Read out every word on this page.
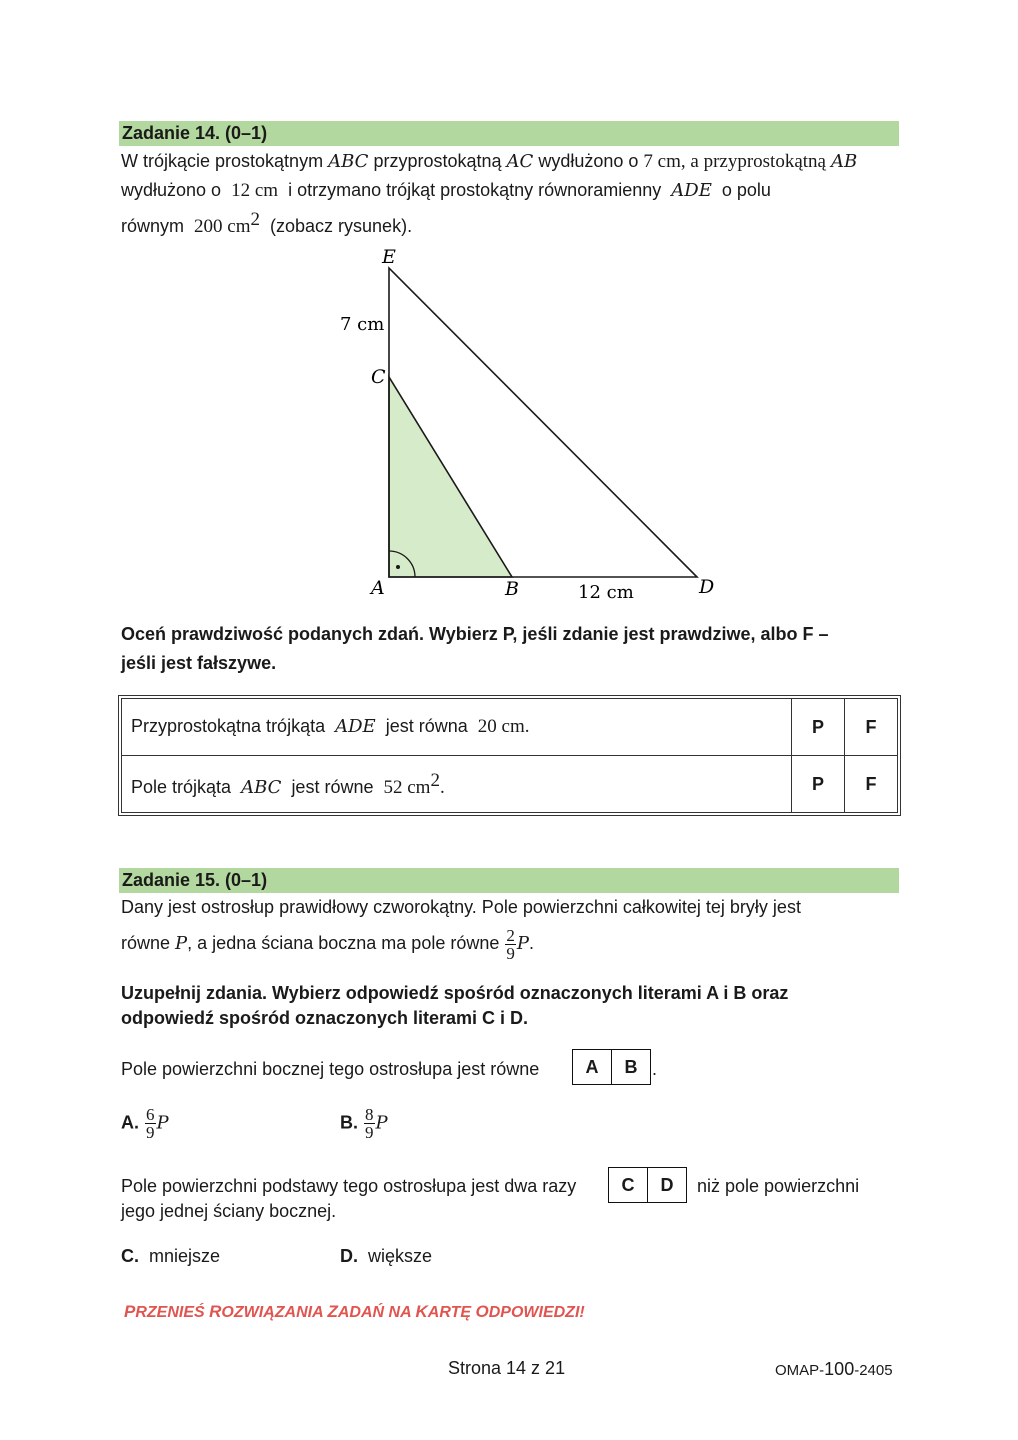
Zadanie 14. (0–1)
W trójkącie prostokątnym ABC przyprostokątną AC wydłużono o 7 cm, a przyprostokątną AB
wydłużono o 12 cm i otrzymano trójkąt prostokątny równoramienny ADE o polu
równym 200 $cm^2$ (zobacz rysunek).
E
7 cm
C
A	B	12 cm	D
Oceń prawdziwość podanych zdań. Wybierz P, jeśli zdanie jest prawdziwe, albo F –
jeśli jest fałszywe.
Przyprostokątna trójkąta ADE jest równa 20 cm.	P	F
Pole trójkąta ABC jest równe 52 $cm^2$.	P	F
Zadanie 15. (0–1)
Dany jest ostrosłup prawidłowy czworokątny. Pole powierzchni całkowitej tej bryły jest
równe P, a jedna ściana boczna ma pole równe $\frac{2}{9} P$.
Uzupełnij zdania. Wybierz odpowiedź spośród oznaczonych literami A i B oraz
odpowiedź spośród oznaczonych literami C i D.
Pole powierzchni bocznej tego ostrosłupa jest równe	A	B .
A. $\frac{6}{9}$ P	B. $\frac{8}{9}$ P
Pole powierzchni podstawy tego ostrosłupa jest dwa razy	C	D	niż pole powierzchni
jego jednej ściany bocznej.
C. mniejsze	D. większe
PRZENIEŚ ROZWIĄZANIA ZADAŃ NA KARTĘ ODPOWIEDZI!
Strona 14 z 21	OMAP-100-2405
